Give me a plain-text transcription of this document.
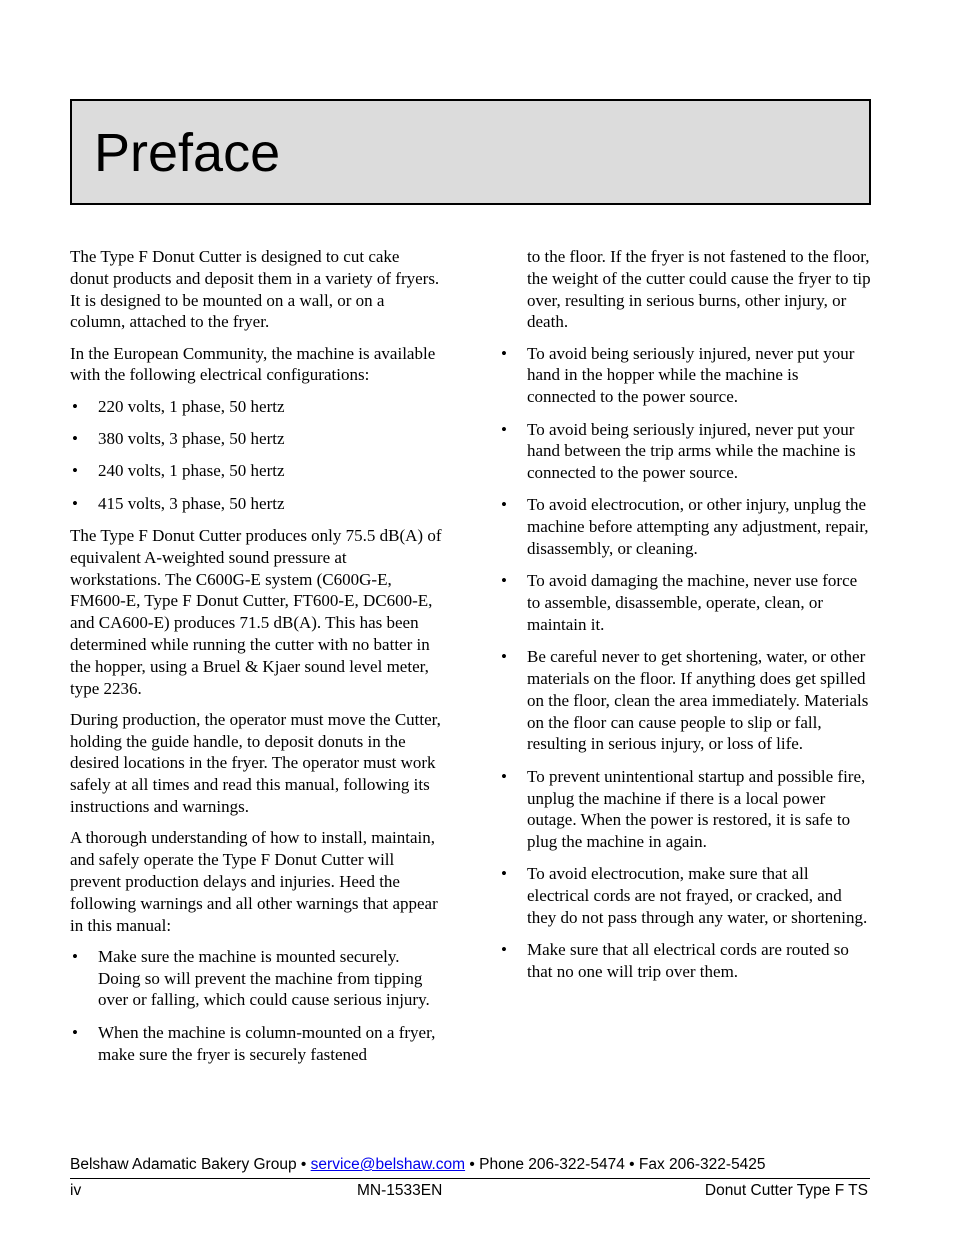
Preface

The Type F Donut Cutter is designed to cut cake donut products and deposit them in a variety of fryers. It is designed to be mounted on a wall, or on a column, attached to the fryer.

In the European Community, the machine is available with the following electrical configurations:

• 220 volts, 1 phase, 50 hertz
• 380 volts, 3 phase, 50 hertz
• 240 volts, 1 phase, 50 hertz
• 415 volts, 3 phase, 50 hertz

The Type F Donut Cutter produces only 75.5 dB(A) of equivalent A-weighted sound pressure at workstations. The C600G-E system (C600G-E, FM600-E, Type F Donut Cutter, FT600-E, DC600-E, and CA600-E) produces 71.5 dB(A). This has been determined while running the cutter with no batter in the hopper, using a Bruel & Kjaer sound level meter, type 2236.

During production, the operator must move the Cutter, holding the guide handle, to deposit donuts in the desired locations in the fryer. The operator must work safely at all times and read this manual, following its instructions and warnings.

A thorough understanding of how to install, maintain, and safely operate the Type F Donut Cutter will prevent production delays and injuries. Heed the following warnings and all other warnings that appear in this manual:

• Make sure the machine is mounted securely. Doing so will prevent the machine from tipping over or falling, which could cause serious injury.
• When the machine is column-mounted on a fryer, make sure the fryer is securely fastened

to the floor. If the fryer is not fastened to the floor, the weight of the cutter could cause the fryer to tip over, resulting in serious burns, other injury, or death.

• To avoid being seriously injured, never put your hand in the hopper while the machine is connected to the power source.
• To avoid being seriously injured, never put your hand between the trip arms while the machine is connected to the power source.
• To avoid electrocution, or other injury, unplug the machine before attempting any adjustment, repair, disassembly, or cleaning.
• To avoid damaging the machine, never use force to assemble, disassemble, operate, clean, or maintain it.
• Be careful never to get shortening, water, or other materials on the floor. If anything does get spilled on the floor, clean the area immediately. Materials on the floor can cause people to slip or fall, resulting in serious injury, or loss of life.
• To prevent unintentional startup and possible fire, unplug the machine if there is a local power outage. When the power is restored, it is safe to plug the machine in again.
• To avoid electrocution, make sure that all electrical cords are not frayed, or cracked, and they do not pass through any water, or shortening.
• Make sure that all electrical cords are routed so that no one will trip over them.
Belshaw Adamatic Bakery Group • service@belshaw.com • Phone 206-322-5474 • Fax 206-322-5425
iv	MN-1533EN	Donut Cutter Type F TS
